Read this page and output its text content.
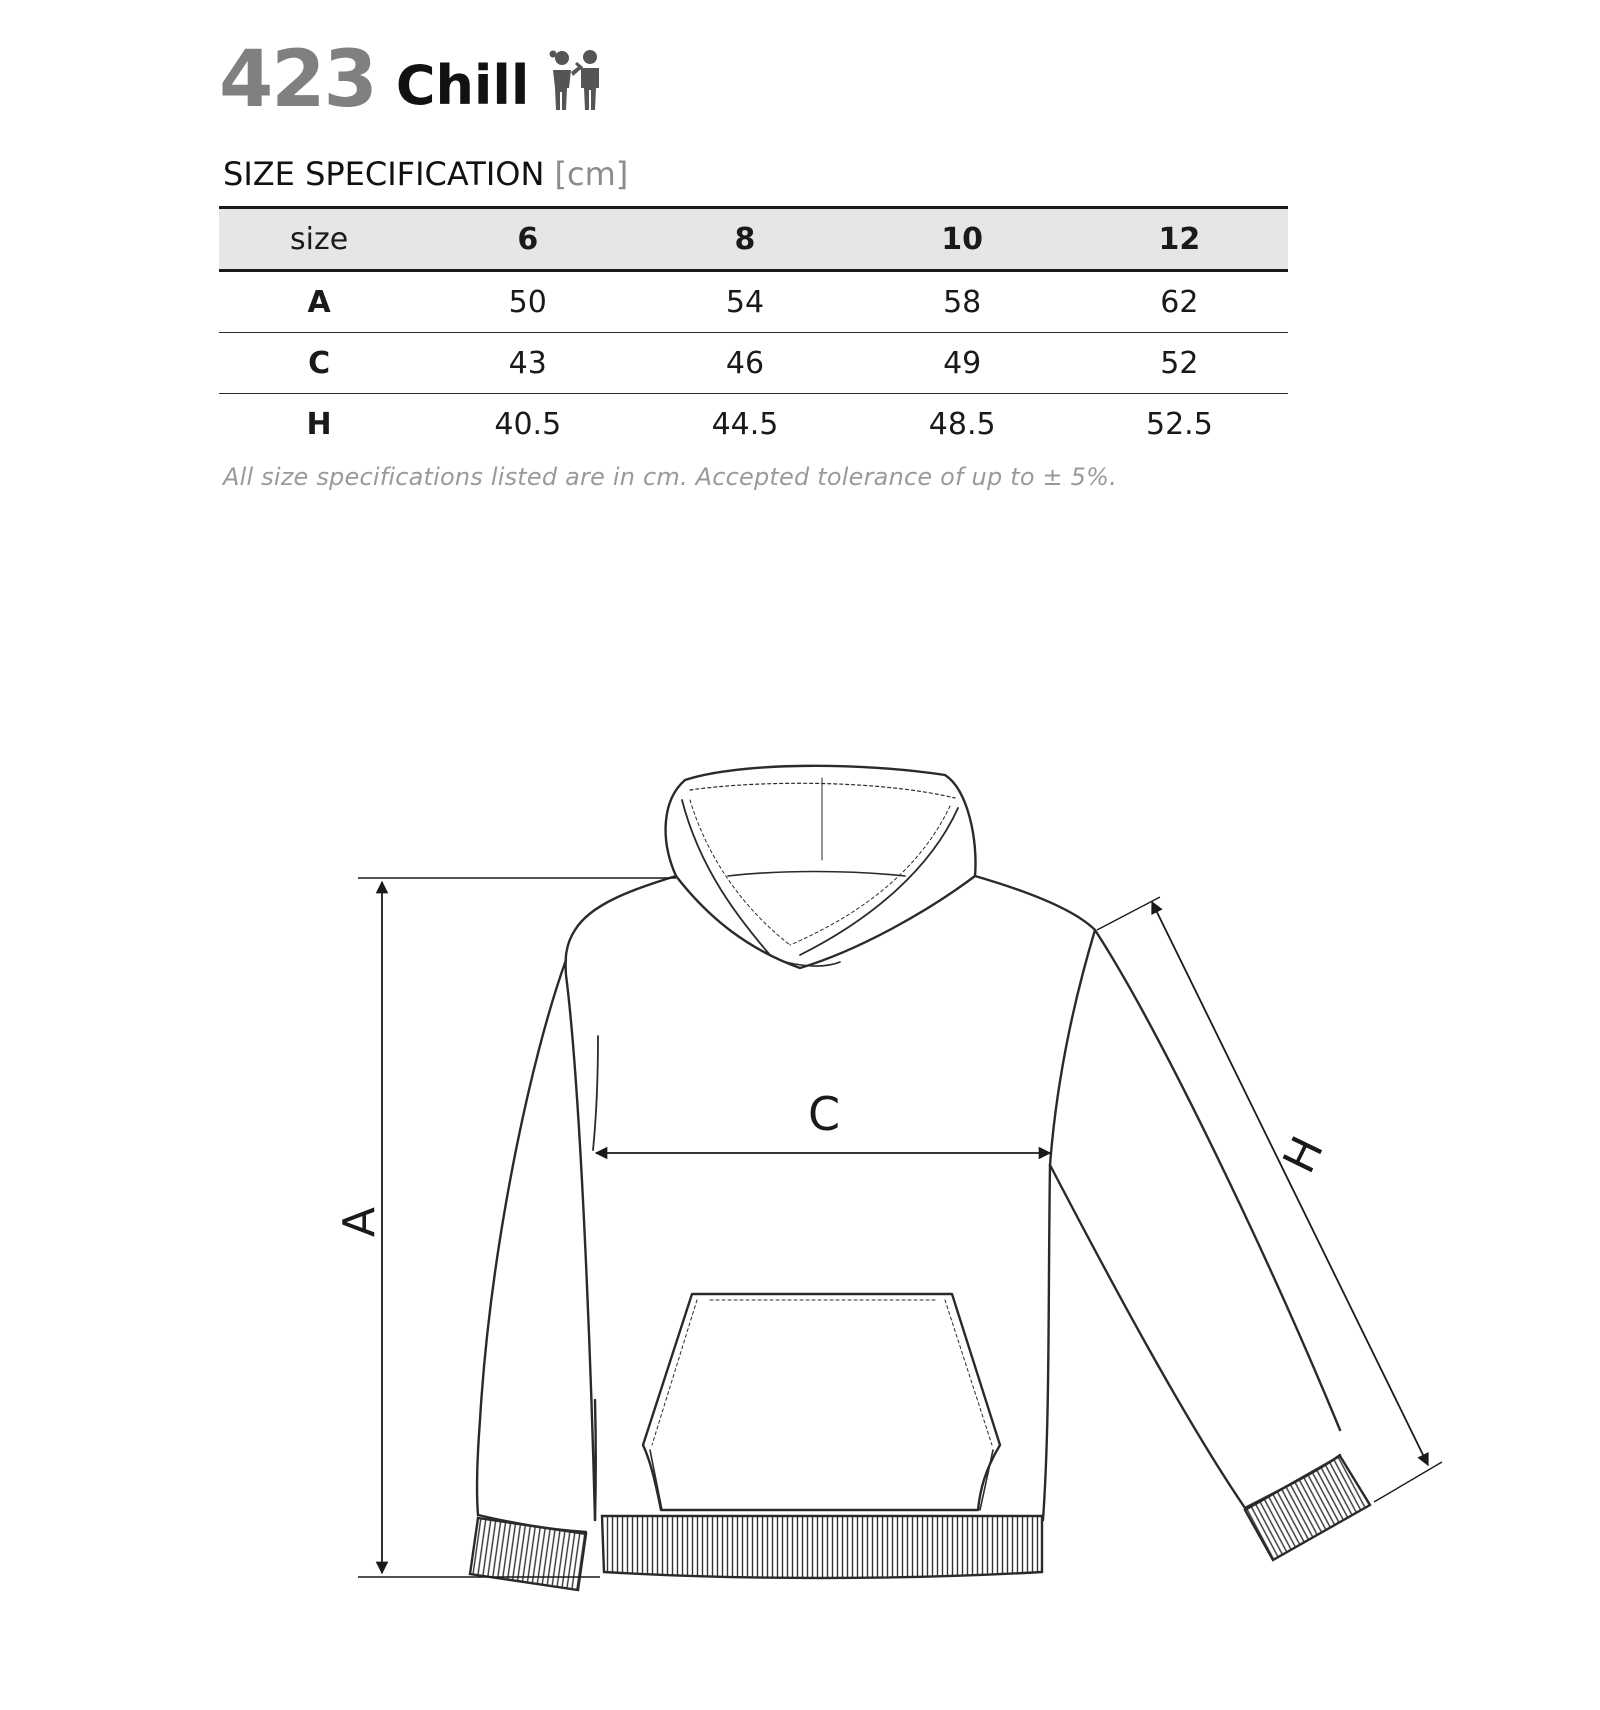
423 Chill
SIZE SPECIFICATION [cm]
size	6	8	10	12
A	50	54	58	62
C	43	46	49	52
H	40.5	44.5	48.5	52.5
All size specifications listed are in cm. Accepted tolerance of up to ± 5%.
A
C
H
